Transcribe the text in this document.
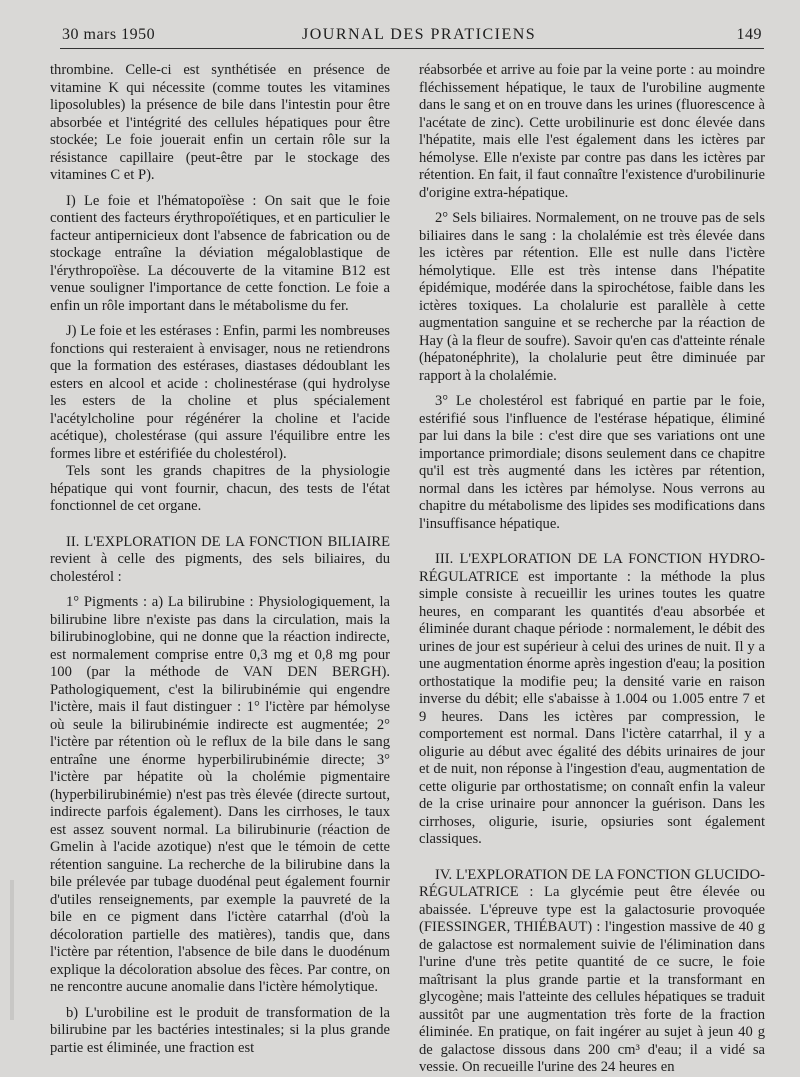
30 mars 1950	JOURNAL DES PRATICIENS	149

thrombine. Celle-ci est synthétisée en présence de vitamine K qui nécessite (comme toutes les vitamines liposolubles) la présence de bile dans l'intestin pour être absorbée et l'intégrité des cellules hépatiques pour être stockée; Le foie jouerait enfin un certain rôle sur la résistance capillaire (peut-être par le stockage des vitamines C et P).

I) Le foie et l'hématopoïèse : On sait que le foie contient des facteurs érythropoïétiques, et en particulier le facteur antipernicieux dont l'absence de fabrication ou de stockage entraîne la déviation mégaloblastique de l'érythropoïèse. La découverte de la vitamine B12 est venue souligner l'importance de cette fonction. Le foie a enfin un rôle important dans le métabolisme du fer.

J) Le foie et les estérases : Enfin, parmi les nombreuses fonctions qui resteraient à envisager, nous ne retiendrons que la formation des estérases, diastases dédoublant les esters en alcool et acide : cholinestérase (qui hydrolyse les esters de la choline et plus spécialement l'acétylcholine pour régénérer la choline et l'acide acétique), cholestérase (qui assure l'équilibre entre les formes libre et estérifiée du cholestérol).

Tels sont les grands chapitres de la physiologie hépatique qui vont fournir, chacun, des tests de l'état fonctionnel de cet organe.

II. L'EXPLORATION DE LA FONCTION BILIAIRE revient à celle des pigments, des sels biliaires, du cholestérol :

1° Pigments : a) La bilirubine : Physiologiquement, la bilirubine libre n'existe pas dans la circulation, mais la bilirubinoglobine, qui ne donne que la réaction indirecte, est normalement comprise entre 0,3 mg et 0,8 mg pour 100 (par la méthode de VAN DEN BERGH). Pathologiquement, c'est la bilirubinémie qui engendre l'ictère, mais il faut distinguer : 1° l'ictère par hémolyse où seule la bilirubinémie indirecte est augmentée; 2° l'ictère par rétention où le reflux de la bile dans le sang entraîne une énorme hyperbilirubinémie directe; 3° l'ictère par hépatite où la cholémie pigmentaire (hyperbilirubinémie) n'est pas très élevée (directe surtout, indirecte parfois également). Dans les cirrhoses, le taux est assez souvent normal. La bilirubinurie (réaction de Gmelin à l'acide azotique) n'est que le témoin de cette rétention sanguine. La recherche de la bilirubine dans la bile prélevée par tubage duodénal peut également fournir d'utiles renseignements, par exemple la pauvreté de la bile en ce pigment dans l'ictère catarrhal (d'où la décoloration partielle des matières), tandis que, dans l'ictère par rétention, l'absence de bile dans le duodénum explique la décoloration absolue des fèces. Par contre, on ne rencontre aucune anomalie dans l'ictère hémolytique.

b) L'urobiline est le produit de transformation de la bilirubine par les bactéries intestinales; si la plus grande partie est éliminée, une fraction est

réabsorbée et arrive au foie par la veine porte : au moindre fléchissement hépatique, le taux de l'urobiline augmente dans le sang et on en trouve dans les urines (fluorescence à l'acétate de zinc). Cette urobilinurie est donc élevée dans l'hépatite, mais elle l'est également dans les ictères par hémolyse. Elle n'existe par contre pas dans les ictères par rétention. En fait, il faut connaître l'existence d'urobilinurie d'origine extra-hépatique.

2° Sels biliaires. Normalement, on ne trouve pas de sels biliaires dans le sang : la cholalémie est très élevée dans les ictères par rétention. Elle est nulle dans l'ictère hémolytique. Elle est très intense dans l'hépatite épidémique, modérée dans la spirochétose, faible dans les ictères toxiques. La cholalurie est parallèle à cette augmentation sanguine et se recherche par la réaction de Hay (à la fleur de soufre). Savoir qu'en cas d'atteinte rénale (hépatonéphrite), la cholalurie peut être diminuée par rapport à la cholalémie.

3° Le cholestérol est fabriqué en partie par le foie, estérifié sous l'influence de l'estérase hépatique, éliminé par lui dans la bile : c'est dire que ses variations ont une importance primordiale; disons seulement dans ce chapitre qu'il est très augmenté dans les ictères par rétention, normal dans les ictères par hémolyse. Nous verrons au chapitre du métabolisme des lipides ses modifications dans l'insuffisance hépatique.

III. L'EXPLORATION DE LA FONCTION HYDRO-RÉGULATRICE est importante : la méthode la plus simple consiste à recueillir les urines toutes les quatre heures, en comparant les quantités d'eau absorbée et éliminée durant chaque période : normalement, le débit des urines de jour est supérieur à celui des urines de nuit. Il y a une augmentation énorme après ingestion d'eau; la position orthostatique la modifie peu; la densité varie en raison inverse du débit; elle s'abaisse à 1.004 ou 1.005 entre 7 et 9 heures. Dans les ictères par compression, le comportement est normal. Dans l'ictère catarrhal, il y a oligurie au début avec égalité des débits urinaires de jour et de nuit, non réponse à l'ingestion d'eau, augmentation de cette oligurie par orthostatisme; on connaît enfin la valeur de la crise urinaire pour annoncer la guérison. Dans les cirrhoses, oligurie, isurie, opsiuries sont également classiques.

IV. L'EXPLORATION DE LA FONCTION GLUCIDO-RÉGULATRICE : La glycémie peut être élevée ou abaissée. L'épreuve type est la galactosurie provoquée (FIESSINGER, THIÉBAUT) : l'ingestion massive de 40 g de galactose est normalement suivie de l'élimination dans l'urine d'une très petite quantité de ce sucre, le foie maîtrisant la plus grande partie et la transformant en glycogène; mais l'atteinte des cellules hépatiques se traduit aussitôt par une augmentation très forte de la fraction éliminée. En pratique, on fait ingérer au sujet à jeun 40 g de galactose dissous dans 200 cm³ d'eau; il a vidé sa vessie. On recueille l'urine des 24 heures en
